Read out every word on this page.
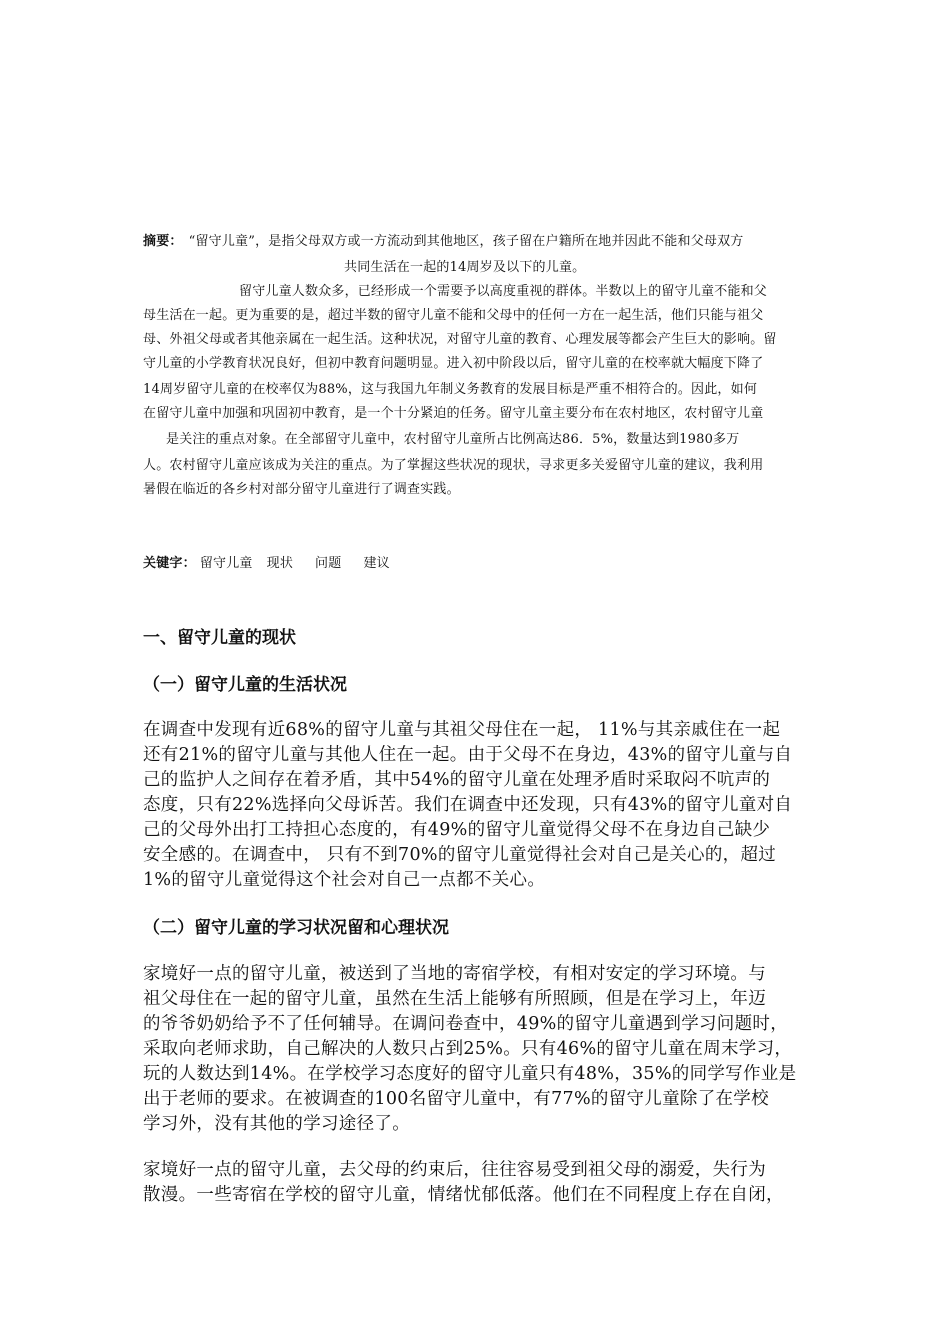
摘要： “留守儿童”，是指父母双方或一方流动到其他地区，孩子留在户籍所在地并因此不能和父母双方
共同生活在一起的14周岁及以下的儿童。
留守儿童人数众多，已经形成一个需要予以高度重视的群体。半数以上的留守儿童不能和父
母生活在一起。更为重要的是，超过半数的留守儿童不能和父母中的任何一方在一起生活，他们只能与祖父
母、外祖父母或者其他亲属在一起生活。这种状况，对留守儿童的教育、心理发展等都会产生巨大的影响。留
守儿童的小学教育状况良好，但初中教育问题明显。进入初中阶段以后，留守儿童的在校率就大幅度下降了
14周岁留守儿童的在校率仅为88%，这与我国九年制义务教育的发展目标是严重不相符合的。因此，如何
在留守儿童中加强和巩固初中教育，是一个十分紧迫的任务。留守儿童主要分布在农村地区，农村留守儿童
是关注的重点对象。在全部留守儿童中，农村留守儿童所占比例高达86．5%，数量达到1980多万
人。农村留守儿童应该成为关注的重点。为了掌握这些状况的现状，寻求更多关爱留守儿童的建议，我利用
暑假在临近的各乡村对部分留守儿童进行了调查实践。
关键字： 留守儿童 现状 问题 建议
一、留守儿童的现状
（一）留守儿童的生活状况
在调查中发现有近68%的留守儿童与其祖父母住在一起， 11%与其亲戚住在一起
还有21%的留守儿童与其他人住在一起。由于父母不在身边，43%的留守儿童与自
己的监护人之间存在着矛盾，其中54%的留守儿童在处理矛盾时采取闷不吭声的
态度，只有22%选择向父母诉苦。我们在调查中还发现，只有43%的留守儿童对自
己的父母外出打工持担心态度的，有49%的留守儿童觉得父母不在身边自己缺少
安全感的。在调查中， 只有不到70%的留守儿童觉得社会对自己是关心的，超过
1%的留守儿童觉得这个社会对自己一点都不关心。
（二）留守儿童的学习状况留和心理状况
家境好一点的留守儿童，被送到了当地的寄宿学校，有相对安定的学习环境。与
祖父母住在一起的留守儿童，虽然在生活上能够有所照顾，但是在学习上，年迈
的爷爷奶奶给予不了任何辅导。在调问卷查中，49%的留守儿童遇到学习问题时，
采取向老师求助，自己解决的人数只占到25%。只有46%的留守儿童在周末学习，
玩的人数达到14%。在学校学习态度好的留守儿童只有48%，35%的同学写作业是
出于老师的要求。在被调查的100名留守儿童中，有77%的留守儿童除了在学校
学习外，没有其他的学习途径了。
家境好一点的留守儿童，去父母的约束后，往往容易受到祖父母的溺爱，失行为
散漫。一些寄宿在学校的留守儿童，情绪忧郁低落。他们在不同程度上存在自闭，
